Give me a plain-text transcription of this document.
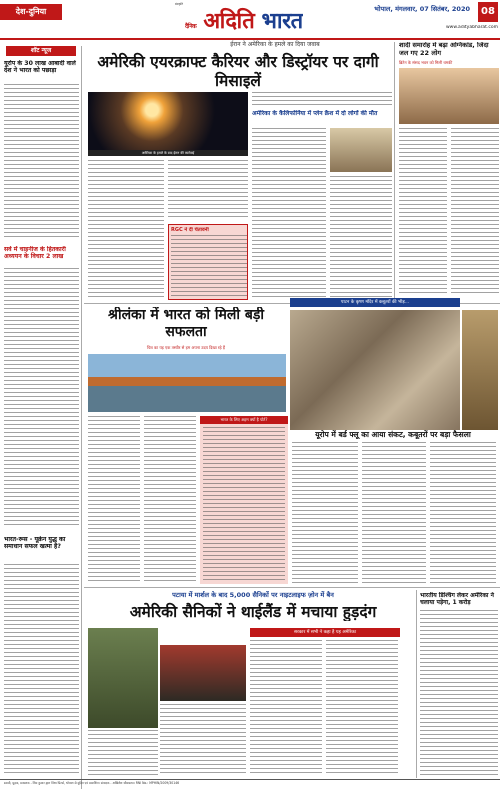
देश-दुनिया
संस्कृति
दैनिक अदिति भारत	भोपाल, मंगलवार, 07 सितंबर, 2020
www.adityabharat.com
08
ईरान ने अमेरिका के हमले का दिया जवाब
शॉट न्यूज
यूरोप के 30 लाख आबादी वाले देश ने भारत को पछाड़ा
सर्वे में चाइनीज के हितकारी अध्ययन के विचार 2 लाख
भारत-रूस - यूक्रेन युद्ध का समाधान सफल खत्मा है?
अमेरिकी एयरक्राफ्ट कैरियर और डिस्ट्रॉयर पर दागी मिसाइलें
अमेरिका के हमले के बाद ईरान की कार्रवाई
RGC ने दी चेतावनी
अमेरिका के कैलिफोर्निया में प्लेन क्रैश में दो लोगों की मौत
शादी समारोह में बढ़ा अग्निकांड, जिंदा जल गए 22 लोग
ब्रिटेन के संसद भवन को मिली धमकी
श्रीलंका में भारत को मिली बड़ी सफलता
चित्र का यह एक तस्वीर से हम अपना उदय दिखा रहे हैं
भारत के लिए अहम क्यों है पोर्ट?
पाटन के कृष्ण मंदिर में कबूतरों की भीड़...
यूरोप में बर्ड फ्लू का आया संकट, कबूतरों पर बड़ा फैसला
पटाया में मार्शल के बाद 5,000 सैनिकों पर नाइटलाइफ ज़ोन में बैन
अमेरिकी सैनिकों ने थाईलैंड में मचाया हुड़दंग
सरकार में सभी ने कहा है यह अमेरिका
भारतीय डिश्चिंग लेकर अमेरिका ने चलाया पड़ेगा, 1 करोड़
स्वामी, मुद्रक, प्रकाशक - शिव कुमार द्वारा विंध्य प्रिंटर्स, भोपाल से मुद्रित एवं प्रकाशित। संपादक - अखिलेश श्रीवास्तव। RNI No.: MPHIN/2009/30146
